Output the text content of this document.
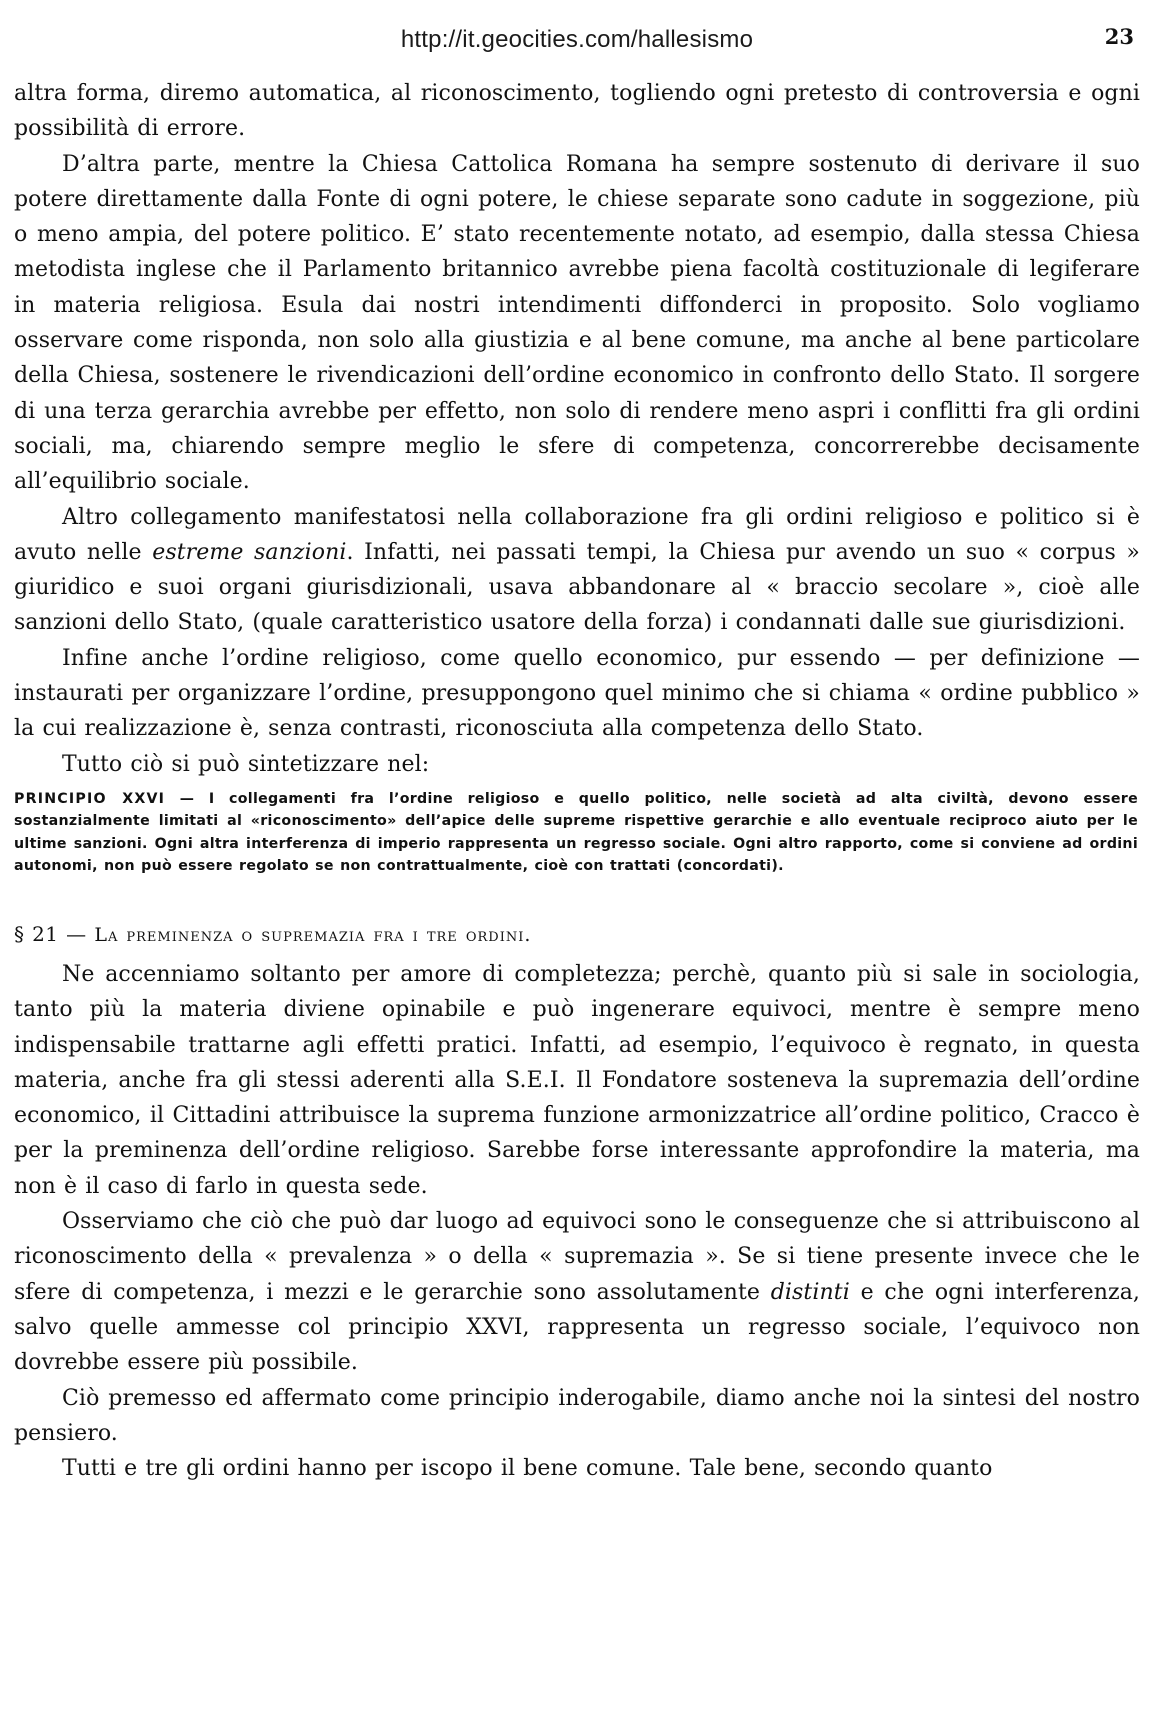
http://it.geocities.com/hallesismo	23

altra forma, diremo automatica, al riconoscimento, togliendo ogni pretesto di controversia e ogni possibilità di errore.

D’altra parte, mentre la Chiesa Cattolica Romana ha sempre sostenuto di derivare il suo potere direttamente dalla Fonte di ogni potere, le chiese separate sono cadute in soggezione, più o meno ampia, del potere politico. E’ stato recentemente notato, ad esempio, dalla stessa Chiesa metodista inglese che il Parlamento britannico avrebbe piena facoltà costituzionale di legiferare in materia religiosa. Esula dai nostri intendimenti diffonderci in proposito. Solo vogliamo osservare come risponda, non solo alla giustizia e al bene comune, ma anche al bene particolare della Chiesa, sostenere le rivendicazioni dell’ordine economico in confronto dello Stato. Il sorgere di una terza gerarchia avrebbe per effetto, non solo di rendere meno aspri i conflitti fra gli ordini sociali, ma, chiarendo sempre meglio le sfere di competenza, concorrerebbe decisamente all’equilibrio sociale.

Altro collegamento manifestatosi nella collaborazione fra gli ordini religioso e politico si è avuto nelle estreme sanzioni. Infatti, nei passati tempi, la Chiesa pur avendo un suo « corpus » giuridico e suoi organi giurisdizionali, usava abbandonare al « braccio secolare », cioè alle sanzioni dello Stato, (quale caratteristico usatore della forza) i condannati dalle sue giurisdizioni.

Infine anche l’ordine religioso, come quello economico, pur essendo — per definizione — instaurati per organizzare l’ordine, presuppongono quel minimo che si chiama « ordine pubblico » la cui realizzazione è, senza contrasti, riconosciuta alla competenza dello Stato.

Tutto ciò si può sintetizzare nel:

PRINCIPIO XXVI — I collegamenti fra l’ordine religioso e quello politico, nelle società ad alta civiltà, devono essere sostanzialmente limitati al «riconoscimento» dell’apice delle supreme rispettive gerarchie e allo eventuale reciproco aiuto per le ultime sanzioni. Ogni altra interferenza di imperio rappresenta un regresso sociale. Ogni altro rapporto, come si conviene ad ordini autonomi, non può essere regolato se non contrattualmente, cioè con trattati (concordati).
§ 21 — La preminenza o supremazia fra i tre ordini.

Ne accenniamo soltanto per amore di completezza; perchè, quanto più si sale in sociologia, tanto più la materia diviene opinabile e può ingenerare equivoci, mentre è sempre meno indispensabile trattarne agli effetti pratici. Infatti, ad esempio, l’equivoco è regnato, in questa materia, anche fra gli stessi aderenti alla S.E.I. Il Fondatore sosteneva la supremazia dell’ordine economico, il Cittadini attribuisce la suprema funzione armonizzatrice all’ordine politico, Cracco è per la preminenza dell’ordine religioso. Sarebbe forse interessante approfondire la materia, ma non è il caso di farlo in questa sede.

Osserviamo che ciò che può dar luogo ad equivoci sono le conseguenze che si attribuiscono al riconoscimento della « prevalenza » o della « supremazia ». Se si tiene presente invece che le sfere di competenza, i mezzi e le gerarchie sono assolutamente distinti e che ogni interferenza, salvo quelle ammesse col principio XXVI, rappresenta un regresso sociale, l’equivoco non dovrebbe essere più possibile.

Ciò premesso ed affermato come principio inderogabile, diamo anche noi la sintesi del nostro pensiero.

Tutti e tre gli ordini hanno per iscopo il bene comune. Tale bene, secondo quanto
